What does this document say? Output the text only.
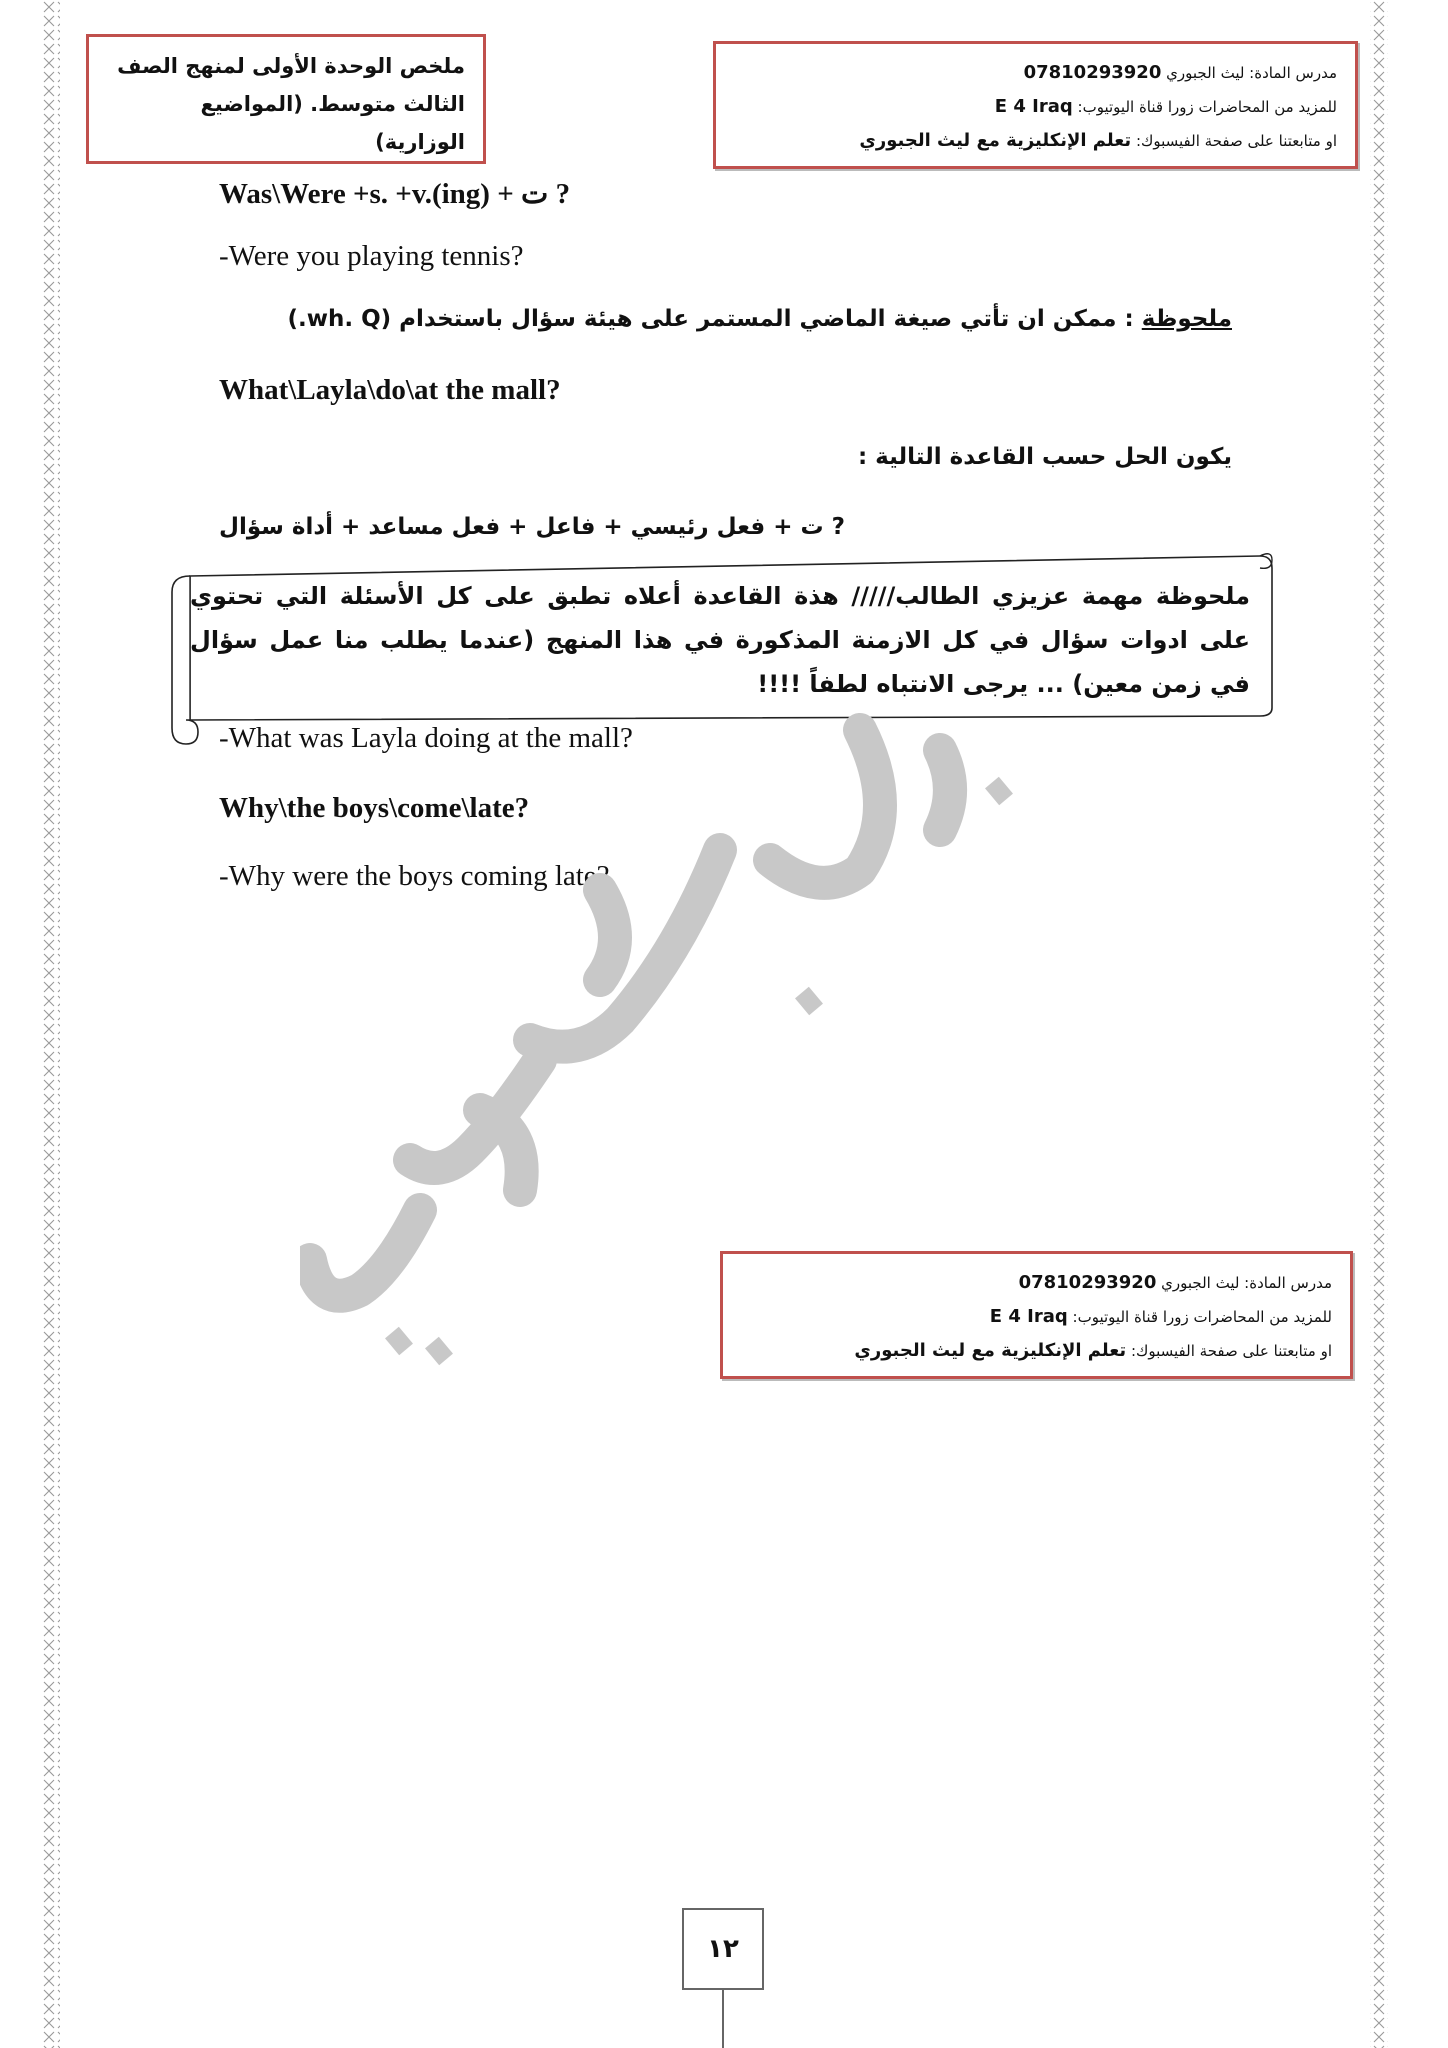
ملخص الوحدة الأولى لمنهج الصف
الثالث متوسط. (المواضيع الوزارية)
مدرس المادة: ليث الجبوري 07810293920
للمزيد من المحاضرات زورا قناة اليوتيوب: E 4 Iraq
او متابعتنا على صفحة الفيسبوك: تعلم الإنكليزية مع ليث الجبوري
Was\Were +s. +v.(ing) + ت ?
-Were you playing tennis?
ملحوظة : ممكن ان تأتي صيغة الماضي المستمر على هيئة سؤال باستخدام (wh. Q.)
What\Layla\do\at the mall?
يكون الحل حسب القاعدة التالية :
? ت + فعل رئيسي + فاعل + فعل مساعد + أداة سؤال
ملحوظة مهمة عزيزي الطالب///// هذة القاعدة أعلاه تطبق على كل الأسئلة التي تحتوي على ادوات سؤال في كل الازمنة المذكورة في هذا المنهج (عندما يطلب منا عمل سؤال في زمن معين) ... يرجى الانتباه لطفاً !!!!
-What was Layla doing at the mall?
Why\the boys\come\late?
-Why were the boys coming late?
مدرس المادة: ليث الجبوري 07810293920
للمزيد من المحاضرات زورا قناة اليوتيوب: E 4 Iraq
او متابعتنا على صفحة الفيسبوك: تعلم الإنكليزية مع ليث الجبوري
١٢
